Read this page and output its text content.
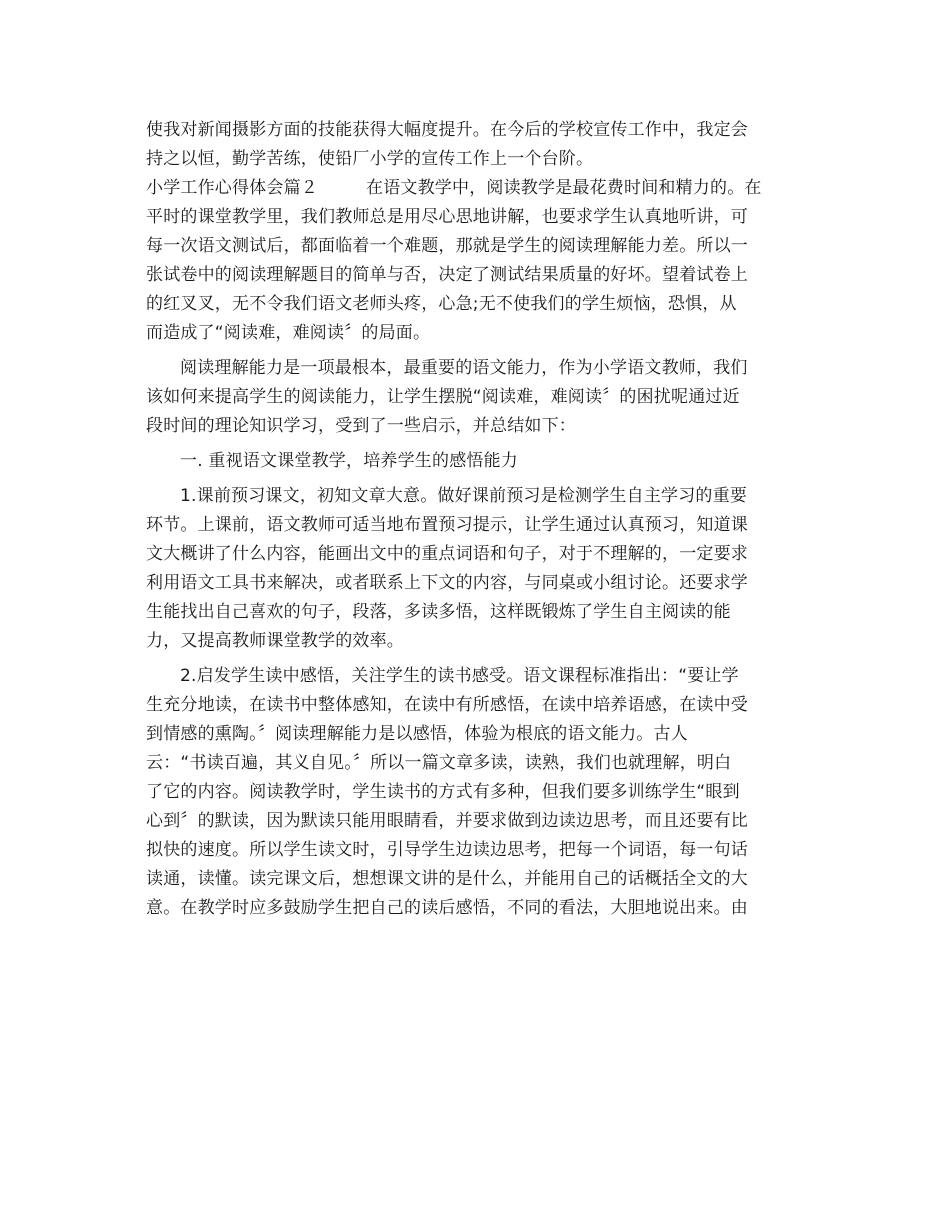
使我对新闻摄影方面的技能获得大幅度提升。在今后的学校宣传工作中，我定会
持之以恒，勤学苦练，使铅厂小学的宣传工作上一个台阶。
小学工作心得体会篇２	在语文教学中，阅读教学是最花费时间和精力的。在
平时的课堂教学里，我们教师总是用尽心思地讲解，也要求学生认真地听讲，可
每一次语文测试后，都面临着一个难题，那就是学生的阅读理解能力差。所以一
张试卷中的阅读理解题目的简单与否，决定了测试结果质量的好坏。望着试卷上
的红叉叉，无不令我们语文老师头疼，心急;无不使我们的学生烦恼，恐惧，从
而造成了“阅读难，难阅读〞的局面。
阅读理解能力是一项最根本，最重要的语文能力，作为小学语文教师，我们
该如何来提高学生的阅读能力，让学生摆脱“阅读难，难阅读〞的困扰呢通过近
段时间的理论知识学习，受到了一些启示，并总结如下：
一. 重视语文课堂教学，培养学生的感悟能力
1.课前预习课文，初知文章大意。做好课前预习是检测学生自主学习的重要
环节。上课前，语文教师可适当地布置预习提示，让学生通过认真预习，知道课
文大概讲了什么内容，能画出文中的重点词语和句子，对于不理解的，一定要求
利用语文工具书来解决，或者联系上下文的内容，与同桌或小组讨论。还要求学
生能找出自己喜欢的句子，段落，多读多悟，这样既锻炼了学生自主阅读的能
力，又提高教师课堂教学的效率。
2.启发学生读中感悟，关注学生的读书感受。语文课程标准指出：“要让学
生充分地读，在读书中整体感知，在读中有所感悟，在读中培养语感，在读中受
到情感的熏陶。〞阅读理解能力是以感悟，体验为根底的语文能力。古人
云：“书读百遍，其义自见。〞所以一篇文章多读，读熟，我们也就理解，明白
了它的内容。阅读教学时，学生读书的方式有多种，但我们要多训练学生“眼到
心到〞的默读，因为默读只能用眼睛看，并要求做到边读边思考，而且还要有比
拟快的速度。所以学生读文时，引导学生边读边思考，把每一个词语，每一句话
读通，读懂。读完课文后，想想课文讲的是什么，并能用自己的话概括全文的大
意。在教学时应多鼓励学生把自己的读后感悟，不同的看法，大胆地说出来。由
